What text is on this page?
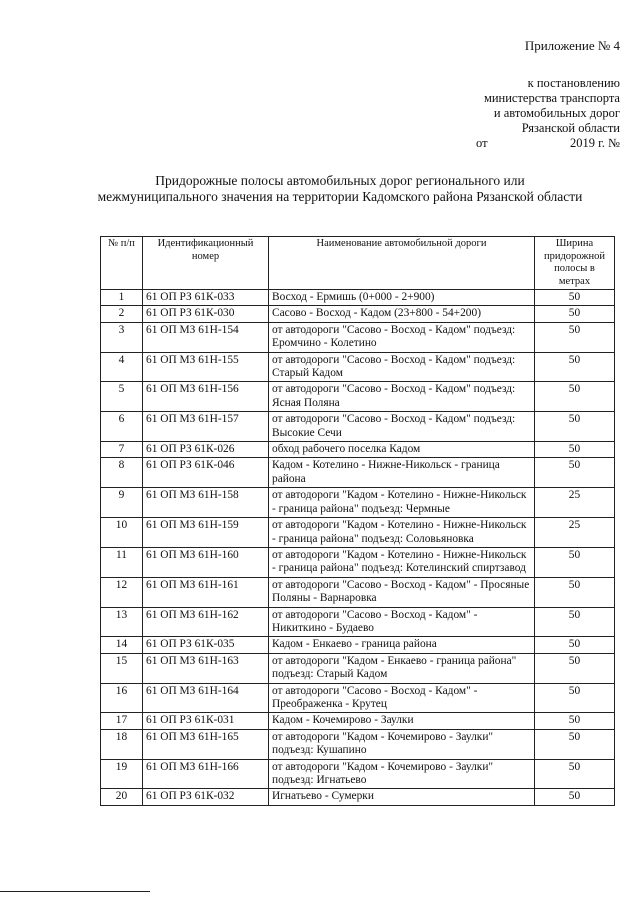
Приложение № 4
к постановлению
министерства транспорта
и автомобильных дорог
Рязанской области
от	2019 г. №
Придорожные полосы автомобильных дорог регионального или межмуниципального значения на территории Кадомского района Рязанской области
№ п/п	Идентификационный номер	Наименование автомобильной дороги	Ширина придорожной полосы в метрах
1	61 ОП РЗ 61К-033	Восход - Ермишь (0+000 - 2+900)	50
2	61 ОП РЗ 61К-030	Сасово - Восход - Кадом (23+800 - 54+200)	50
3	61 ОП МЗ 61Н-154	от автодороги "Сасово - Восход - Кадом" подъезд: Еромчино - Колетино	50
4	61 ОП МЗ 61Н-155	от автодороги "Сасово - Восход - Кадом" подъезд: Старый Кадом	50
5	61 ОП МЗ 61Н-156	от автодороги "Сасово - Восход - Кадом" подъезд: Ясная Поляна	50
6	61 ОП МЗ 61Н-157	от автодороги "Сасово - Восход - Кадом" подъезд: Высокие Сечи	50
7	61 ОП РЗ 61К-026	обход рабочего поселка Кадом	50
8	61 ОП РЗ 61К-046	Кадом - Котелино - Нижне-Никольск - граница района	50
9	61 ОП МЗ 61Н-158	от автодороги "Кадом - Котелино - Нижне-Никольск - граница района" подъезд: Чермные	25
10	61 ОП МЗ 61Н-159	от автодороги "Кадом - Котелино - Нижне-Никольск - граница района" подъезд: Соловьяновка	25
11	61 ОП МЗ 61Н-160	от автодороги "Кадом - Котелино - Нижне-Никольск - граница района" подъезд: Котелинский спиртзавод	50
12	61 ОП МЗ 61Н-161	от автодороги "Сасово - Восход - Кадом" - Просяные Поляны - Варнаровка	50
13	61 ОП МЗ 61Н-162	от автодороги "Сасово - Восход - Кадом" - Никиткино - Будаево	50
14	61 ОП РЗ 61К-035	Кадом - Енкаево - граница района	50
15	61 ОП МЗ 61Н-163	от автодороги "Кадом - Енкаево - граница района" подъезд: Старый Кадом	50
16	61 ОП МЗ 61Н-164	от автодороги "Сасово - Восход - Кадом" - Преображенка - Крутец	50
17	61 ОП РЗ 61К-031	Кадом - Кочемирово - Заулки	50
18	61 ОП МЗ 61Н-165	от автодороги "Кадом - Кочемирово - Заулки" подъезд: Кушапино	50
19	61 ОП МЗ 61Н-166	от автодороги "Кадом - Кочемирово - Заулки" подъезд: Игнатьево	50
20	61 ОП РЗ 61К-032	Игнатьево - Сумерки	50
